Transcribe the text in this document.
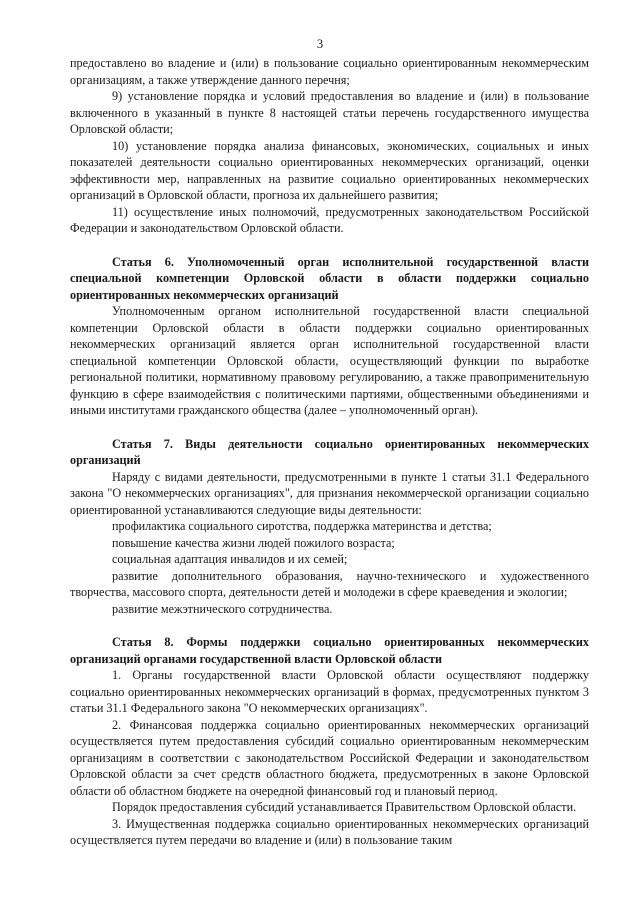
3

предоставлено во владение и (или) в пользование социально ориентированным некоммерческим организациям, а также утверждение данного перечня;

9) установление порядка и условий предоставления во владение и (или) в пользование включенного в указанный в пункте 8 настоящей статьи перечень государственного имущества Орловской области;

10) установление порядка анализа финансовых, экономических, социальных и иных показателей деятельности социально ориентированных некоммерческих организаций, оценки эффективности мер, направленных на развитие социально ориентированных некоммерческих организаций в Орловской области, прогноза их дальнейшего развития;

11) осуществление иных полномочий, предусмотренных законодательством Российской Федерации и законодательством Орловской области.

Статья 6. Уполномоченный орган исполнительной государственной власти специальной компетенции Орловской области в области поддержки социально ориентированных некоммерческих организаций

Уполномоченным органом исполнительной государственной власти специальной компетенции Орловской области в области поддержки социально ориентированных некоммерческих организаций является орган исполнительной государственной власти специальной компетенции Орловской области, осуществляющий функции по выработке региональной политики, нормативному правовому регулированию, а также правоприменительную функцию в сфере взаимодействия с политическими партиями, общественными объединениями и иными институтами гражданского общества (далее – уполномоченный орган).

Статья 7. Виды деятельности социально ориентированных некоммерческих организаций

Наряду с видами деятельности, предусмотренными в пункте 1 статьи 31.1 Федерального закона "О некоммерческих организациях", для признания некоммерческой организации социально ориентированной устанавливаются следующие виды деятельности:

профилактика социального сиротства, поддержка материнства и детства;

повышение качества жизни людей пожилого возраста;

социальная адаптация инвалидов и их семей;

развитие дополнительного образования, научно-технического и художественного творчества, массового спорта, деятельности детей и молодежи в сфере краеведения и экологии;

развитие межэтнического сотрудничества.

Статья 8. Формы поддержки социально ориентированных некоммерческих организаций органами государственной власти Орловской области

1. Органы государственной власти Орловской области осуществляют поддержку социально ориентированных некоммерческих организаций в формах, предусмотренных пунктом 3 статьи 31.1 Федерального закона "О некоммерческих организациях".

2. Финансовая поддержка социально ориентированных некоммерческих организаций осуществляется путем предоставления субсидий социально ориентированным некоммерческим организациям в соответствии с законодательством Российской Федерации и законодательством Орловской области за счет средств областного бюджета, предусмотренных в законе Орловской области об областном бюджете на очередной финансовый год и плановый период.

Порядок предоставления субсидий устанавливается Правительством Орловской области.

3. Имущественная поддержка социально ориентированных некоммерческих организаций осуществляется путем передачи во владение и (или) в пользование таким
